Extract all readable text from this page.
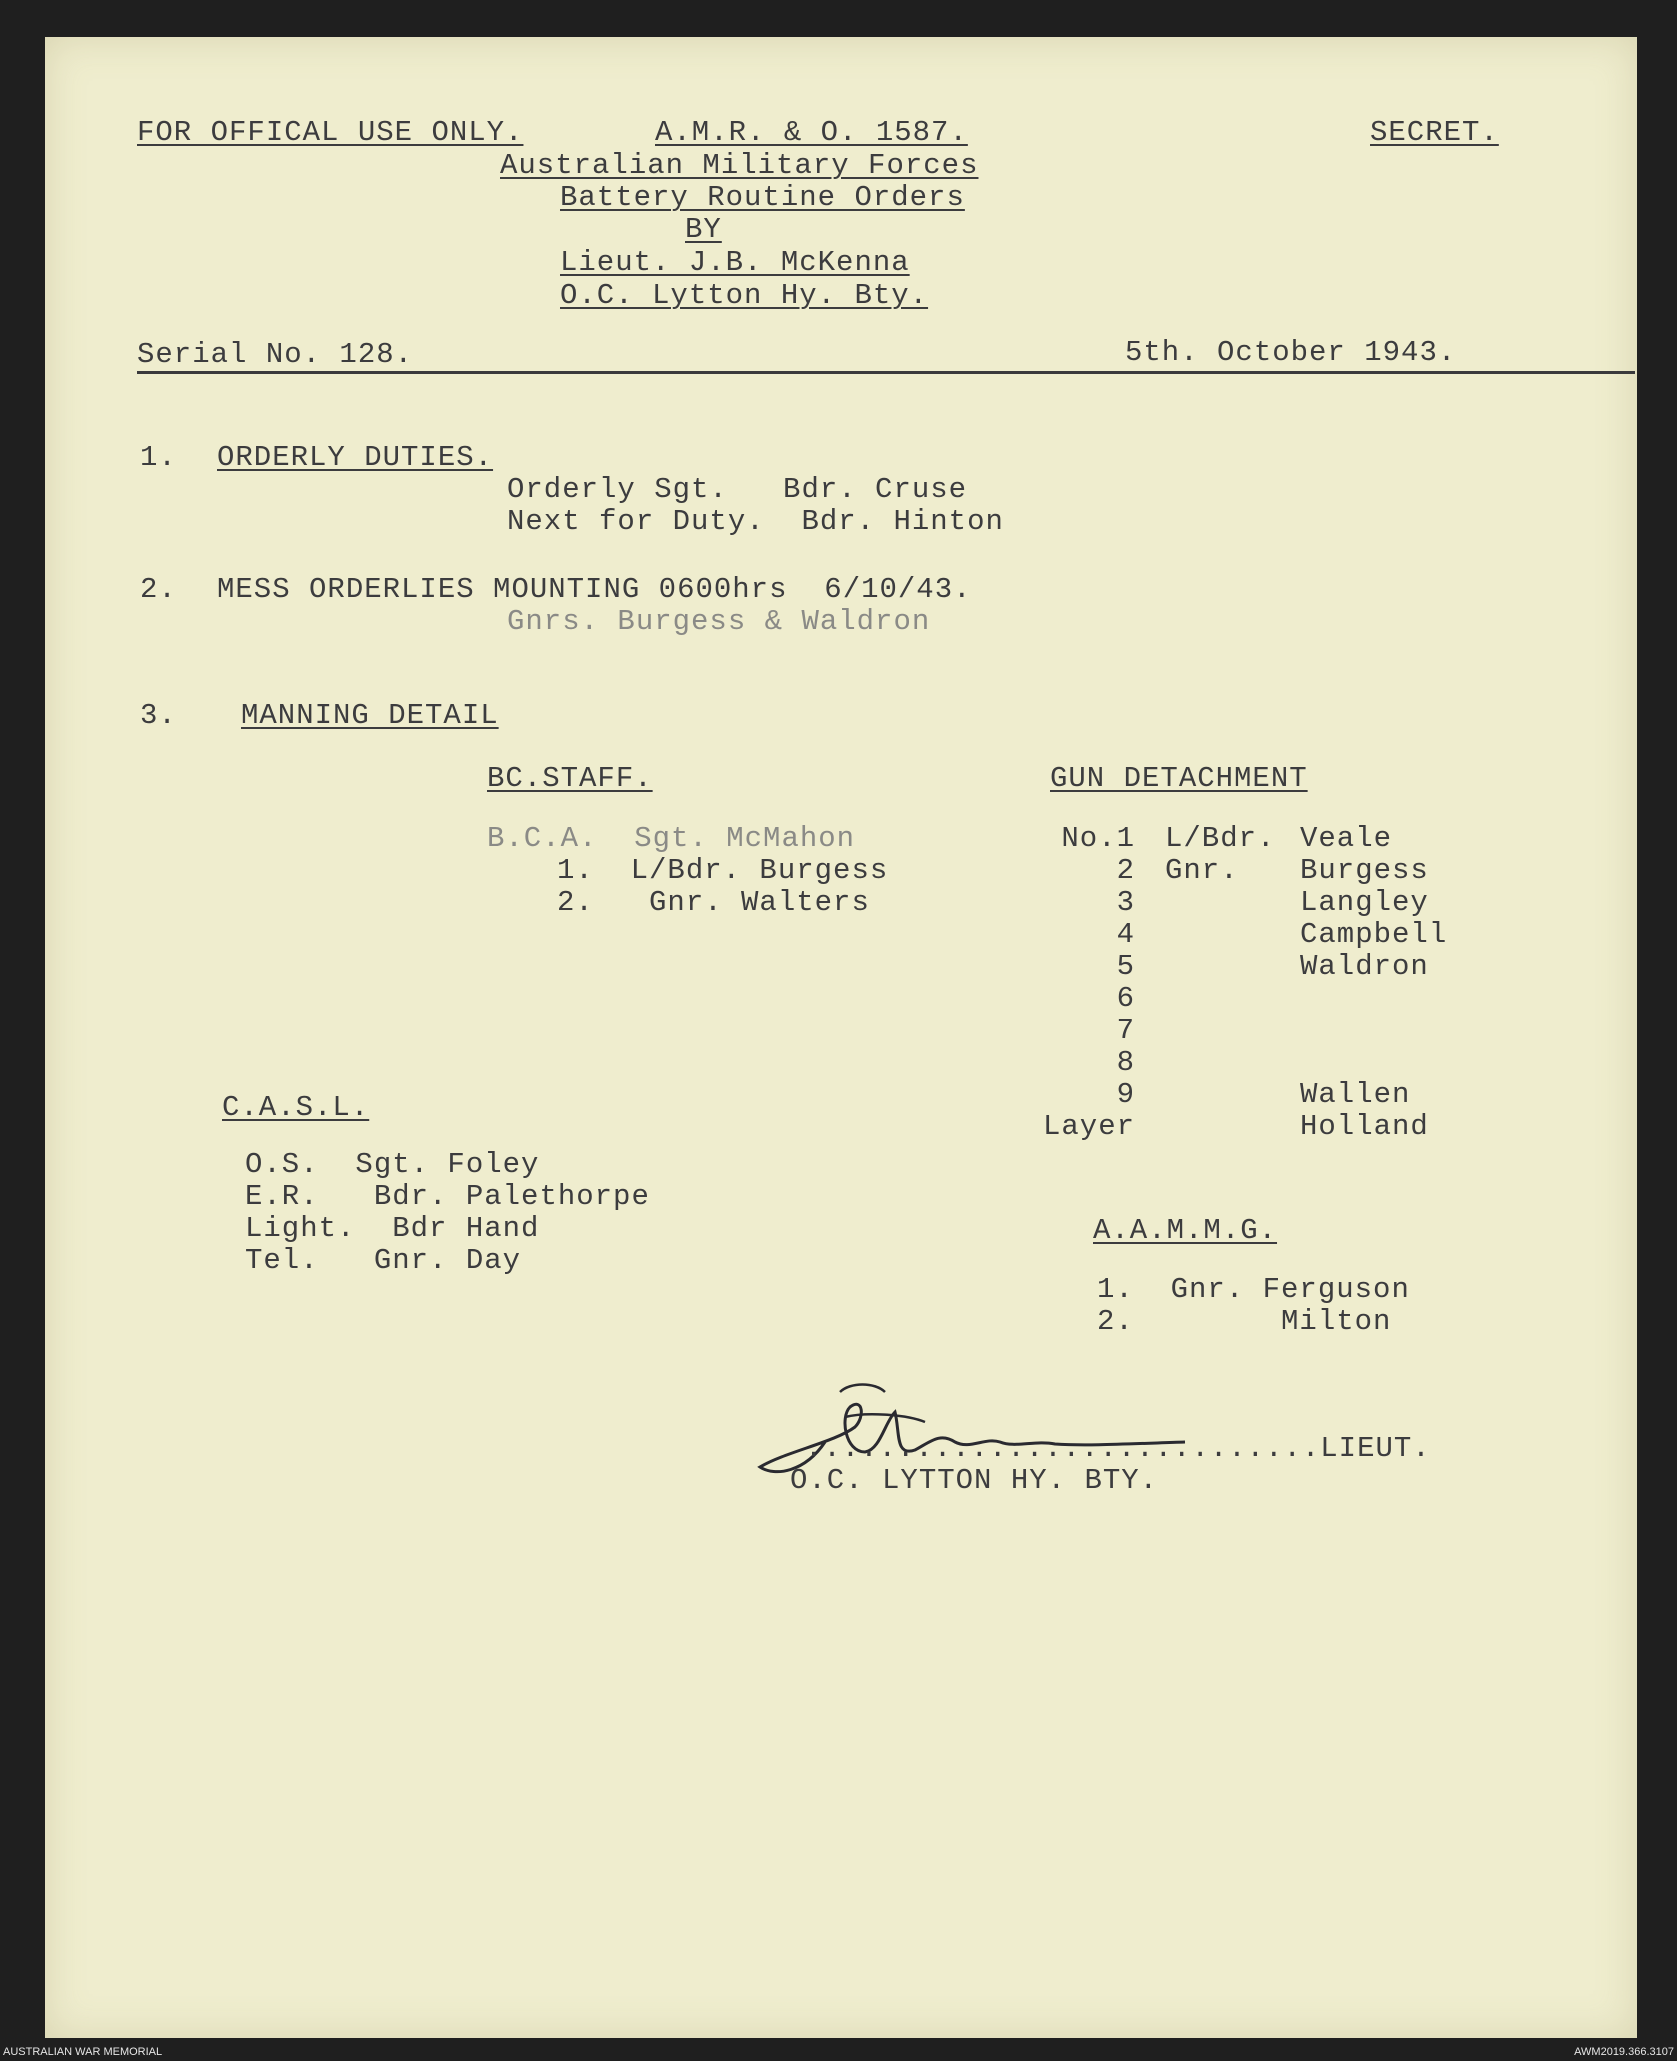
FOR OFFICAL USE ONLY.	A.M.R. & O. 1587.	SECRET.
Australian Military Forces
Battery Routine Orders
BY
Lieut. J.B. McKenna
O.C. Lytton Hy. Bty.
Serial No. 128.	5th. October 1943.
1. ORDERLY DUTIES.
Orderly Sgt.   Bdr. Cruse
Next for Duty.  Bdr. Hinton
2. MESS ORDERLIES MOUNTING 0600hrs  6/10/43.
Gnrs. Burgess & Waldron
3. MANNING DETAIL
BC.STAFF.
B.C.A.  Sgt. McMahon
1.  L/Bdr. Burgess
2.   Gnr. Walters
GUN DETACHMENT
No.1 L/Bdr. Veale
2 Gnr. Burgess
3	Langley
4	Campbell
5	Waldron
6
7
8
9	Wallen
Layer	Holland
C.A.S.L.
O.S.  Sgt. Foley
E.R.   Bdr. Palethorpe
Light.  Bdr Hand
Tel.   Gnr. Day
A.A.M.M.G.
1.  Gnr. Ferguson
2.        Milton
............................LIEUT.
O.C. LYTTON HY. BTY.
AUSTRALIAN WAR MEMORIAL	AWM2019.366.3107
